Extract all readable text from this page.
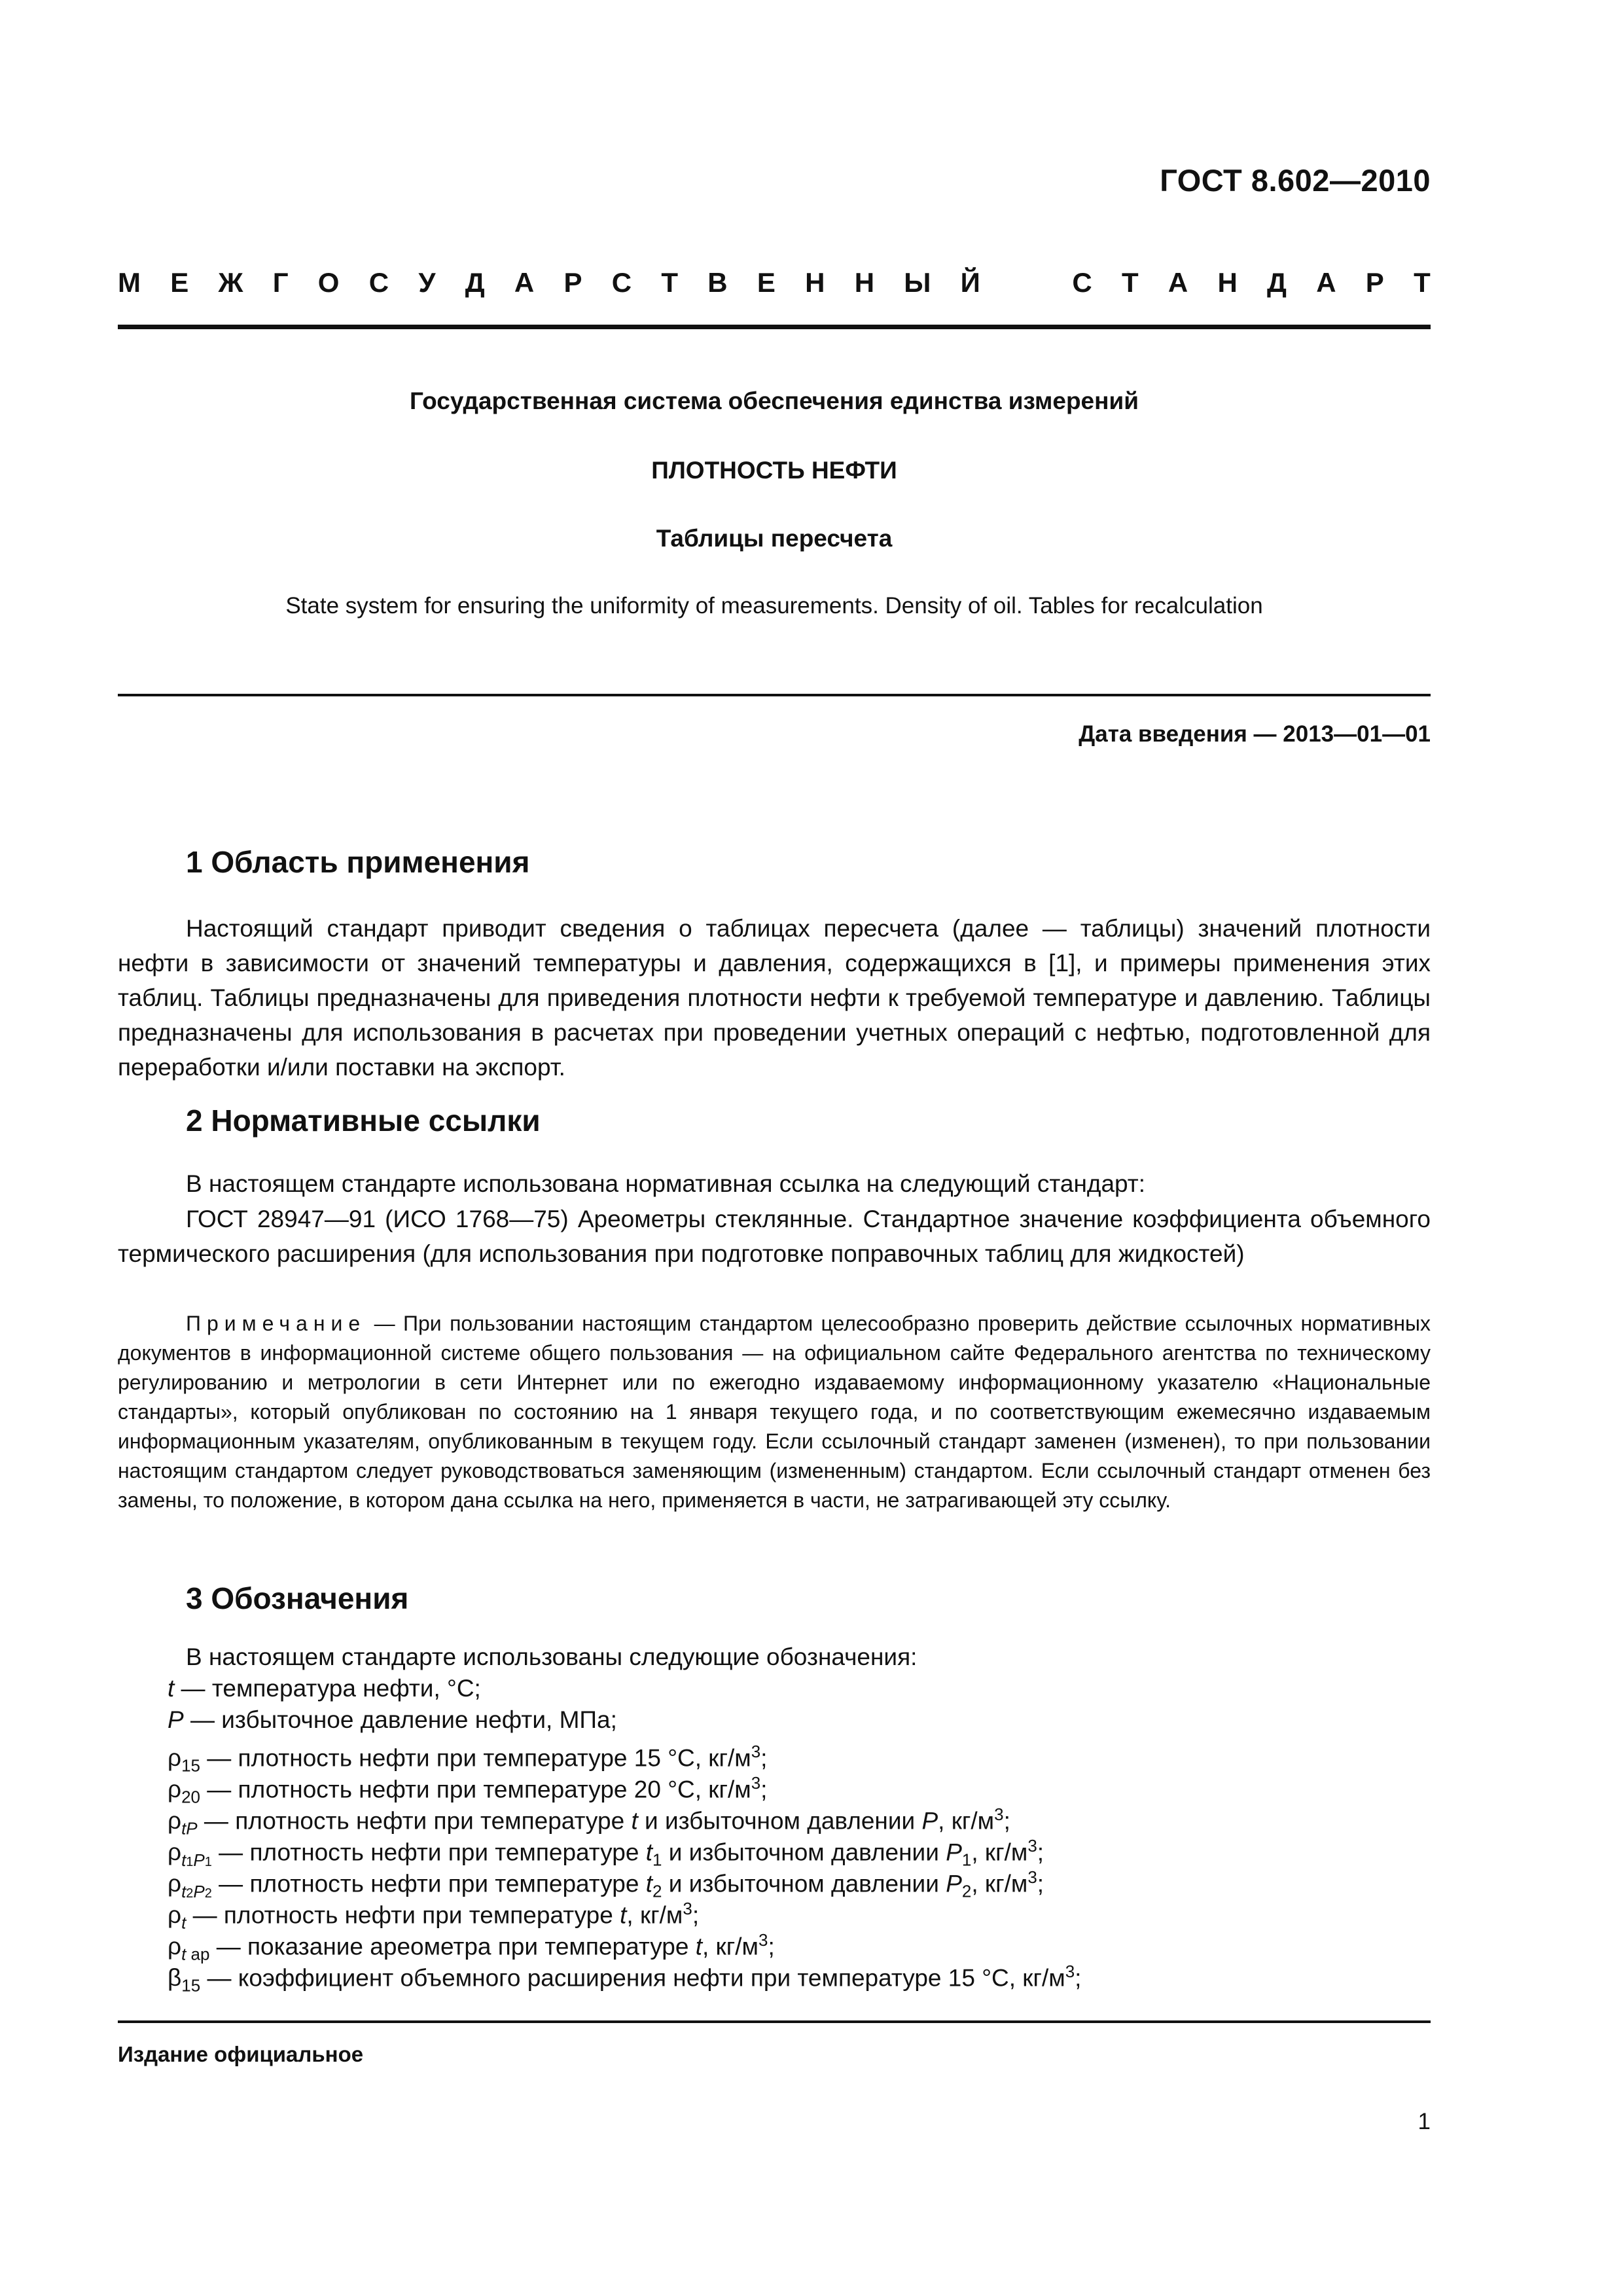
ГОСТ 8.602—2010
М Е Ж Г О С У Д А Р С Т В Е Н Н Ы Й	С Т А Н Д А Р Т
Государственная система обеспечения единства измерений
ПЛОТНОСТЬ НЕФТИ
Таблицы пересчета
State system for ensuring the uniformity of measurements. Density of oil. Tables for recalculation
Дата введения — 2013—01—01
1 Область применения

Настоящий стандарт приводит сведения о таблицах пересчета (далее — таблицы) значений плотности нефти в зависимости от значений температуры и давления, содержащихся в [1], и примеры применения этих таблиц. Таблицы предназначены для приведения плотности нефти к требуемой температуре и давлению. Таблицы предназначены для использования в расчетах при проведении учетных операций с нефтью, подготовленной для переработки и/или поставки на экспорт.

2 Нормативные ссылки

В настоящем стандарте использована нормативная ссылка на следующий стандарт:

ГОСТ 28947—91 (ИСО 1768—75) Ареометры стеклянные. Стандартное значение коэффициента объемного термического расширения (для использования при подготовке поправочных таблиц для жидкостей)

Примечание — При пользовании настоящим стандартом целесообразно проверить действие ссылочных нормативных документов в информационной системе общего пользования — на официальном сайте Федерального агентства по техническому регулированию и метрологии в сети Интернет или по ежегодно издаваемому информационному указателю «Национальные стандарты», который опубликован по состоянию на 1 января текущего года, и по соответствующим ежемесячно издаваемым информационным указателям, опубликованным в текущем году. Если ссылочный стандарт заменен (изменен), то при пользовании настоящим стандартом следует руководствоваться заменяющим (измененным) стандартом. Если ссылочный стандарт отменен без замены, то положение, в котором дана ссылка на него, применяется в части, не затрагивающей эту ссылку.

3 Обозначения
В настоящем стандарте использованы следующие обозначения:
t — температура нефти, °С;
P — избыточное давление нефти, МПа;
$\rho_{15}$ — плотность нефти при температуре 15 °С, $кг/м^3$;
$\rho_{20}$ — плотность нефти при температуре 20 °С, $кг/м^3$;
$\rho_{tP}$ — плотность нефти при температуре t и избыточном давлении P, $кг/м^3$;
$\rho_{t1P1}$ — плотность нефти при температуре $t_1$ и избыточном давлении $P_1$, $кг/м^3$;
$\rho_{t2P2}$ — плотность нефти при температуре $t_2$ и избыточном давлении $P_2$, $кг/м^3$;
$\rho_t$ — плотность нефти при температуре t, $кг/м^3$;
$\rho_{t ар}$ — показание ареометра при температуре t, $кг/м^3$;
$\beta_{15}$ — коэффициент объемного расширения нефти при температуре 15 °С, $кг/м^3$;
Издание официальное
1
